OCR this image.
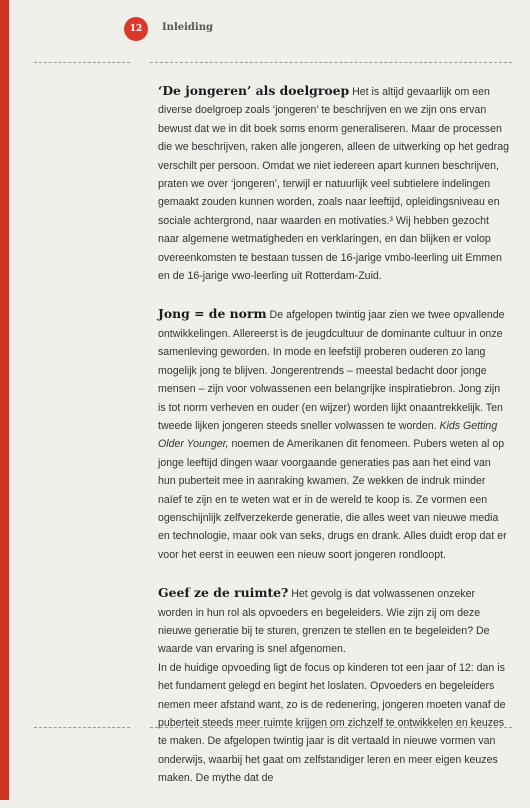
12 Inleiding

‘De jongeren’ als doelgroep Het is altijd gevaarlijk om een diverse doelgroep zoals ‘jongeren’ te beschrijven en we zijn ons ervan bewust dat we in dit boek soms enorm generaliseren. Maar de processen die we beschrijven, raken alle jongeren, alleen de uitwerking op het gedrag verschilt per persoon. Omdat we niet iedereen apart kunnen beschrijven, praten we over ‘jongeren’, terwijl er natuurlijk veel subtielere indelingen gemaakt zouden kunnen worden, zoals naar leeftijd, opleidingsniveau en sociale achtergrond, naar waarden en motivaties.³ Wij hebben gezocht naar algemene wetmatigheden en verklaringen, en dan blijken er volop overeenkomsten te bestaan tussen de 16-jarige vmbo-leerling uit Emmen en de 16-jarige vwo-leerling uit Rotterdam-Zuid.

Jong = de norm De afgelopen twintig jaar zien we twee opvallende ontwikkelingen. Allereerst is de jeugdcultuur de dominante cultuur in onze samenleving geworden. In mode en leefstijl proberen ouderen zo lang mogelijk jong te blijven. Jongerentrends – meestal bedacht door jonge mensen – zijn voor volwassenen een belangrijke inspiratiebron. Jong zijn is tot norm verheven en ouder (en wijzer) worden lijkt onaantrekkelijk. Ten tweede lijken jongeren steeds sneller volwassen te worden. Kids Getting Older Younger, noemen de Amerikanen dit fenomeen. Pubers weten al op jonge leeftijd dingen waar voorgaande generaties pas aan het eind van hun puberteit mee in aanraking kwamen. Ze wekken de indruk minder naïef te zijn en te weten wat er in de wereld te koop is. Ze vormen een ogenschijnlijk zelfverzekerde generatie, die alles weet van nieuwe media en technologie, maar ook van seks, drugs en drank. Alles duidt erop dat er voor het eerst in eeuwen een nieuw soort jongeren rondloopt.

Geef ze de ruimte? Het gevolg is dat volwassenen onzeker worden in hun rol als opvoeders en begeleiders. Wie zijn zij om deze nieuwe generatie bij te sturen, grenzen te stellen en te begeleiden? De waarde van ervaring is snel afgenomen.

In de huidige opvoeding ligt de focus op kinderen tot een jaar of 12: dan is het fundament gelegd en begint het loslaten. Opvoeders en begeleiders nemen meer afstand want, zo is de redenering, jongeren moeten vanaf de puberteit steeds meer ruimte krijgen om zichzelf te ontwikkelen en keuzes te maken. De afgelopen twintig jaar is dit vertaald in nieuwe vormen van onderwijs, waarbij het gaat om zelfstandiger leren en meer eigen keuzes maken. De mythe dat de
